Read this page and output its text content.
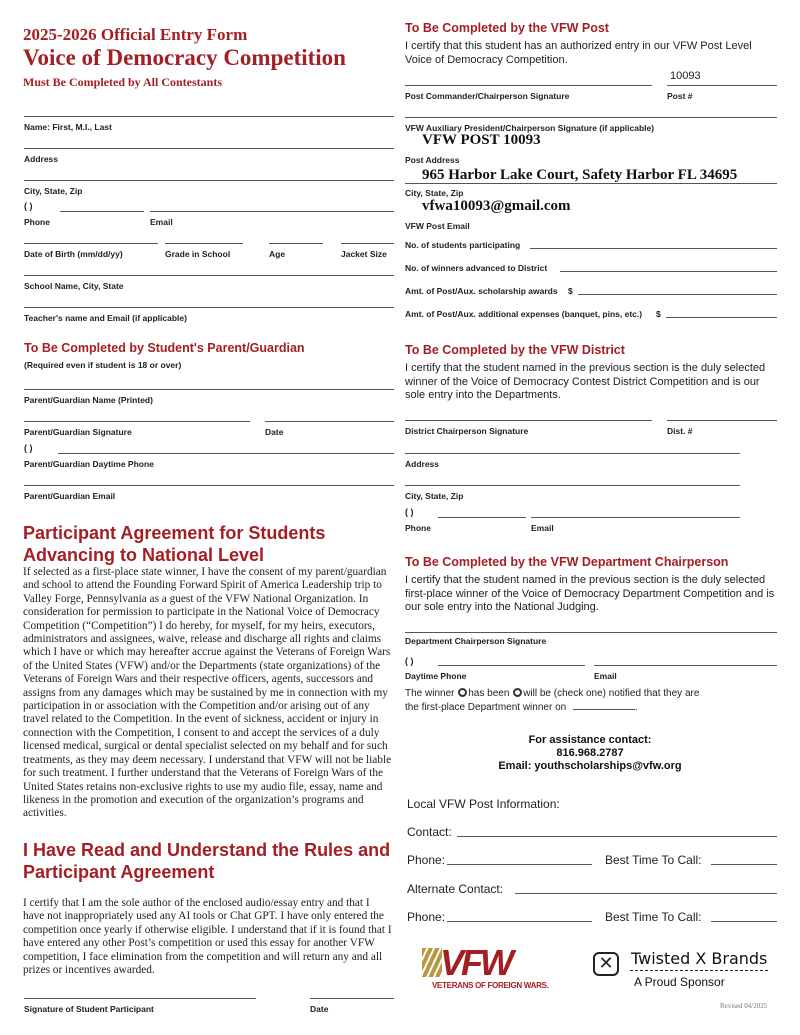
2025-2026 Official Entry Form
Voice of Democracy Competition
Must Be Completed by All Contestants
Name: First, M.I., Last
Address
City, State, Zip
( )
Phone	Email
Date of Birth (mm/dd/yy)	Grade in School	Age	Jacket Size
School Name, City, State
Teacher's name and Email (if applicable)
To Be Completed by Student's Parent/Guardian
(Required even if student is 18 or over)
Parent/Guardian Name (Printed)
Parent/Guardian Signature	Date
( )
Parent/Guardian Daytime Phone
Parent/Guardian Email
Participant Agreement for Students Advancing to National Level
If selected as a first-place state winner, I have the consent of my parent/guardian and school to attend the Founding Forward Spirit of America Leadership trip to Valley Forge, Pennsylvania as a guest of the VFW National Organization. In consideration for permission to participate in the National Voice of Democracy Competition (“Competition”) I do hereby, for myself, for my heirs, executors, administrators and assignees, waive, release and discharge all rights and claims which I have or which may hereafter accrue against the Veterans of Foreign Wars of the United States (VFW) and/or the Departments (state organizations) of the Veterans of Foreign Wars and their respective officers, agents, successors and assigns from any damages which may be sustained by me in connection with my participation in or association with the Competition and/or arising out of any travel related to the Competition. In the event of sickness, accident or injury in connection with the Competition, I consent to and accept the services of a duly licensed medical, surgical or dental specialist selected on my behalf and for such treatments, as they may deem necessary. I understand that VFW will not be liable for such treatment. I further understand that the Veterans of Foreign Wars of the United States retains non-exclusive rights to use my audio file, essay, name and likeness in the promotion and execution of the organization’s programs and activities.
I Have Read and Understand the Rules and Participant Agreement
I certify that I am the sole author of the enclosed audio/essay entry and that I have not inappropriately used any AI tools or Chat GPT. I have only entered the competition once yearly if otherwise eligible. I understand that if it is found that I have entered any other Post’s competition or used this essay for another VFW competition, I face elimination from the competition and will return any and all prizes or incentives awarded.
Signature of Student Participant	Date
To Be Completed by the VFW Post
I certify that this student has an authorized entry in our VFW Post Level Voice of Democracy Competition.
10093
Post Commander/Chairperson Signature	Post #
VFW Auxiliary President/Chairperson Signature (if applicable)
VFW POST 10093
Post Address
965 Harbor Lake Court, Safety Harbor FL 34695
City, State, Zip
vfwa10093@gmail.com
VFW Post Email
No. of students participating
No. of winners advanced to District
Amt. of Post/Aux. scholarship awards $
Amt. of Post/Aux. additional expenses (banquet, pins, etc.) $
To Be Completed by the VFW District
I certify that the student named in the previous section is the duly selected winner of the Voice of Democracy Contest District Competition and is our sole entry into the Departments.
District Chairperson Signature	Dist. #
Address
City, State, Zip
( )
Phone	Email
To Be Completed by the VFW Department Chairperson
I certify that the student named in the previous section is the duly selected first-place winner of the Voice of Democracy Department Competition and is our sole entry into the National Judging.
Department Chairperson Signature
( )
Daytime Phone	Email
The winner has been will be (check one) notified that they are
the first-place Department winner on	.
For assistance contact:
816.968.2787
Email: youthscholarships@vfw.org
Local VFW Post Information:
Contact:
Phone:	Best Time To Call:
Alternate Contact:
Phone:	Best Time To Call:
VFW
VETERANS OF FOREIGN WARS.
✕	Twisted X Brands
A Proud Sponsor
Revised 04/2025
